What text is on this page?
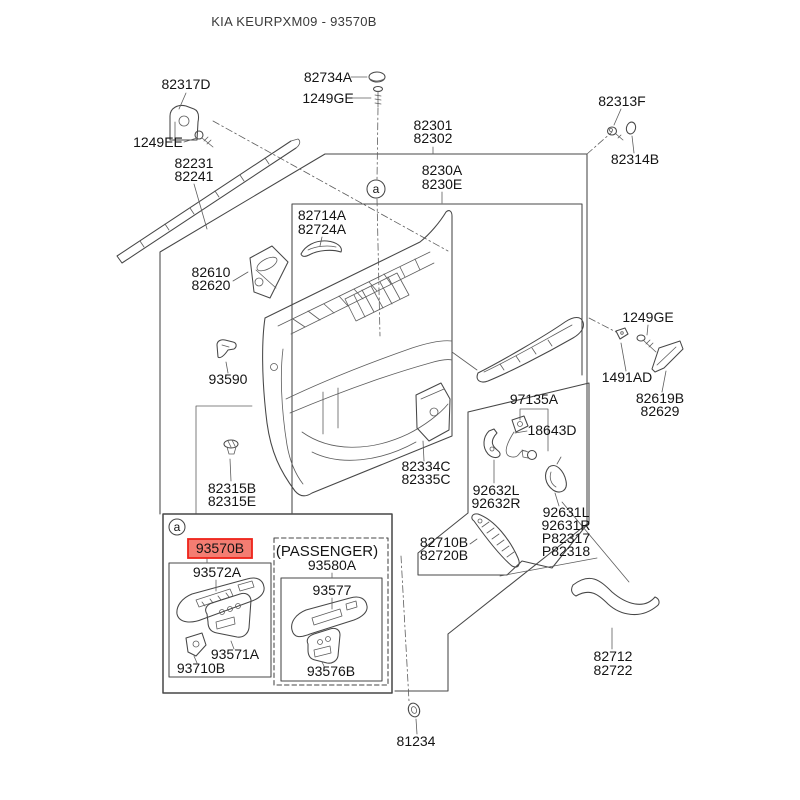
a
a
93570B
KIA KEURPXM09 - 93570B
82317D
1249EE
82231
82241
82734A
1249GE
82301
82302
82313F
82314B
8230A
8230E
82714A
82724A
82610
82620
93590
1249GE
1491AD
82619B
82629
97135A
18643D
82334C
82335C
82315B
82315E
92632L
92632R
92631L
92631R
P82317
P82318
82710B
82720B
93572A
(PASSENGER)
93580A
93577
93571A
93710B	93576B
82712
82722
81234
